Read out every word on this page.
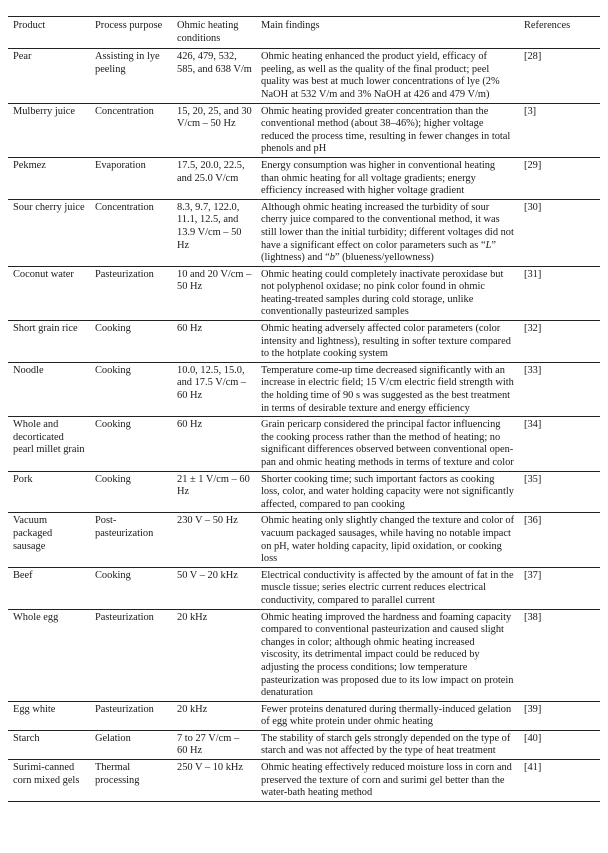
Product	Process purpose	Ohmic heating conditions	Main findings	References
Pear	Assisting in lye peeling	426, 479, 532, 585, and 638 V/m	Ohmic heating enhanced the product yield, efficacy of peeling, as well as the quality of the final product; peel quality was best at much lower concentrations of lye (2% NaOH at 532 V/m and 3% NaOH at 426 and 479 V/m)	[28]
Mulberry juice	Concentration	15, 20, 25, and 30 V/cm – 50 Hz	Ohmic heating provided greater concentration than the conventional method (about 38–46%); higher voltage reduced the process time, resulting in fewer changes in total phenols and pH	[3]
Pekmez	Evaporation	17.5, 20.0, 22.5, and 25.0 V/cm	Energy consumption was higher in conventional heating than ohmic heating for all voltage gradients; energy efficiency increased with higher voltage gradient	[29]
Sour cherry juice	Concentration	8.3, 9.7, 122.0, 11.1, 12.5, and 13.9 V/cm – 50 Hz	Although ohmic heating increased the turbidity of sour cherry juice compared to the conventional method, it was still lower than the initial turbidity; different voltages did not have a significant effect on color parameters such as “L” (lightness) and “b” (blueness/yellowness)	[30]
Coconut water	Pasteurization	10 and 20 V/cm – 50 Hz	Ohmic heating could completely inactivate peroxidase but not polyphenol oxidase; no pink color found in ohmic heating-treated samples during cold storage, unlike conventionally pasteurized samples	[31]
Short grain rice	Cooking	60 Hz	Ohmic heating adversely affected color parameters (color intensity and lightness), resulting in softer texture compared to the hotplate cooking system	[32]
Noodle	Cooking	10.0, 12.5, 15.0, and 17.5 V/cm – 60 Hz	Temperature come-up time decreased significantly with an increase in electric field; 15 V/cm electric field strength with the holding time of 90 s was suggested as the best treatment in terms of desirable texture and energy efficiency	[33]
Whole and decorticated pearl millet grain	Cooking	60 Hz	Grain pericarp considered the principal factor influencing the cooking process rather than the method of heating; no significant differences observed between conventional open-pan and ohmic heating methods in terms of texture and color	[34]
Pork	Cooking	21 ± 1 V/cm – 60 Hz	Shorter cooking time; such important factors as cooking loss, color, and water holding capacity were not significantly affected, compared to pan cooking	[35]
Vacuum packaged sausage	Post-pasteurization	230 V – 50 Hz	Ohmic heating only slightly changed the texture and color of vacuum packaged sausages, while having no notable impact on pH, water holding capacity, lipid oxidation, or cooking loss	[36]
Beef	Cooking	50 V – 20 kHz	Electrical conductivity is affected by the amount of fat in the muscle tissue; series electric current reduces electrical conductivity, compared to parallel current	[37]
Whole egg	Pasteurization	20 kHz	Ohmic heating improved the hardness and foaming capacity compared to conventional pasteurization and caused slight changes in color; although ohmic heating increased viscosity, its detrimental impact could be reduced by adjusting the process conditions; low temperature pasteurization was proposed due to its low impact on protein denaturation	[38]
Egg white	Pasteurization	20 kHz	Fewer proteins denatured during thermally-induced gelation of egg white protein under ohmic heating	[39]
Starch	Gelation	7 to 27 V/cm – 60 Hz	The stability of starch gels strongly depended on the type of starch and was not affected by the type of heat treatment	[40]
Surimi-canned corn mixed gels	Thermal processing	250 V – 10 kHz	Ohmic heating effectively reduced moisture loss in corn and preserved the texture of corn and surimi gel better than the water-bath heating method	[41]
